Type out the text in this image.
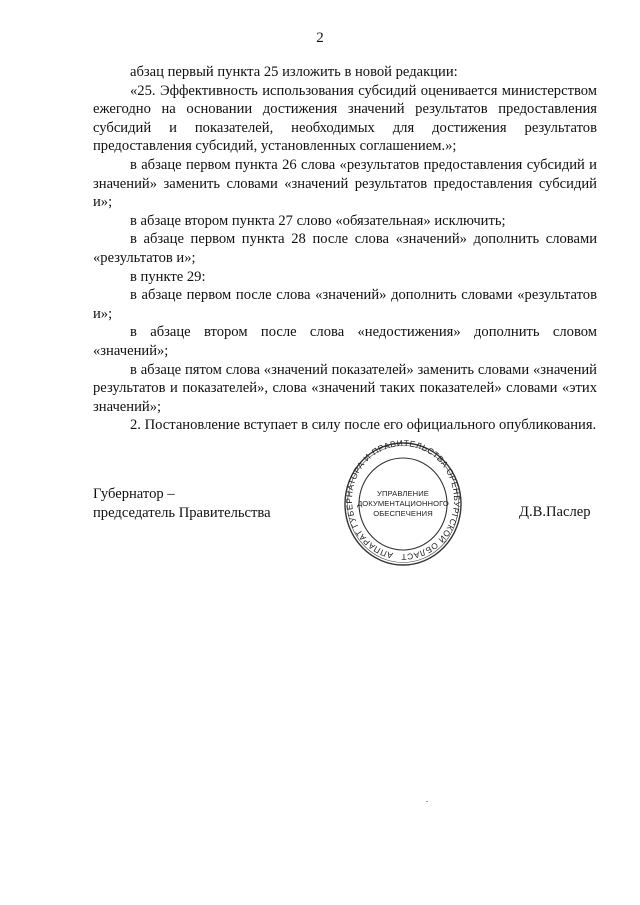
2

абзац первый пункта 25 изложить в новой редакции:

«25. Эффективность использования субсидий оценивается министерством ежегодно на основании достижения значений результатов предоставления субсидий и показателей, необходимых для достижения результатов предоставления субсидий, установленных соглашением.»;

в абзаце первом пункта 26 слова «результатов предоставления субсидий и значений» заменить словами «значений результатов предоставления субсидий и»;

в абзаце втором пункта 27 слово «обязательная» исключить;

в абзаце первом пункта 28 после слова «значений» дополнить словами «результатов и»;

в пункте 29:

в абзаце первом после слова «значений» дополнить словами «результатов и»;

в абзаце втором после слова «недостижения» дополнить словом «значений»;

в абзаце пятом слова «значений показателей» заменить словами «значений результатов и показателей», слова «значений таких показателей» словами «этих значений»;

2. Постановление вступает в силу после его официального опубликования.

Губернатор –
председатель Правительства
АППАРАТ ГУБЕРНАТОРА И ПРАВИТЕЛЬСТВА ОРЕНБУРГСКОЙ ОБЛАСТ
УПРАВЛЕНИЕ
ДОКУМЕНТАЦИОННОГО
ОБЕСПЕЧЕНИЯ	Д.В.Паслер
